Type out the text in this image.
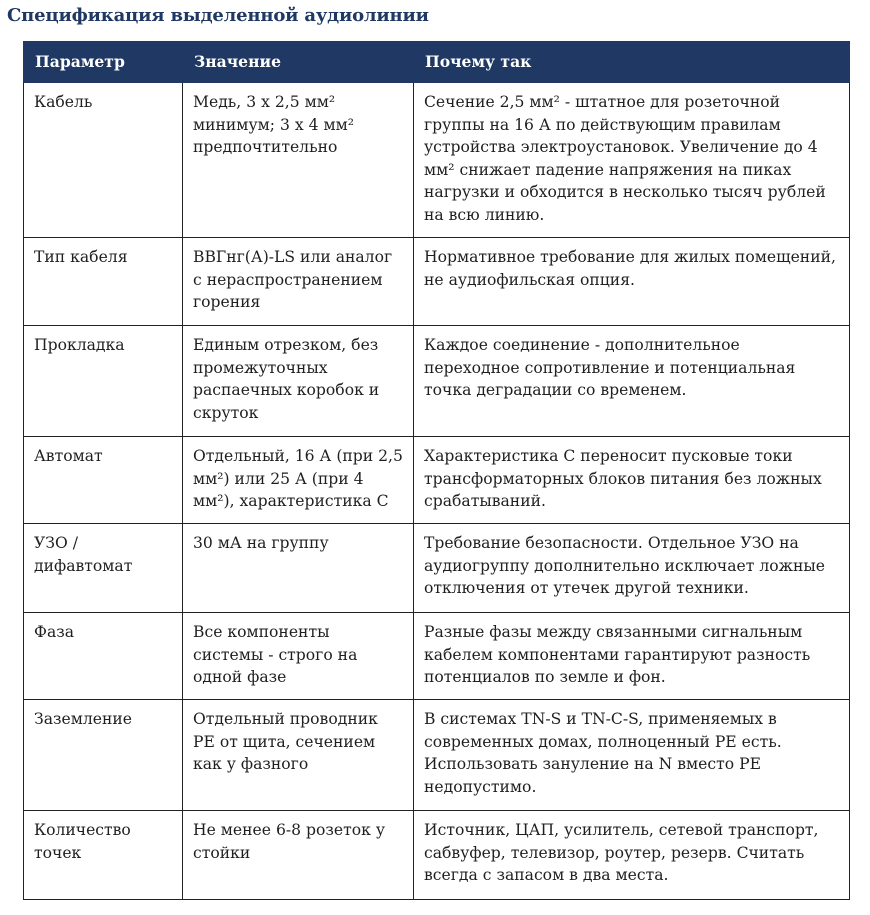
Спецификация выделенной аудиолинии
Параметр	Значение	Почему так
Кабель	Медь, 3 х 2,5 мм² минимум; 3 х 4 мм² предпочтительно	Сечение 2,5 мм² - штатное для розеточной группы на 16 А по действующим правилам устройства электроустановок. Увеличение до 4 мм² снижает падение напряжения на пиках нагрузки и обходится в несколько тысяч рублей на всю линию.
Тип кабеля	ВВГнг(А)-LS или аналог с нераспространением горения	Нормативное требование для жилых помещений, не аудиофильская опция.
Прокладка	Единым отрезком, без промежуточных распаечных коробок и скруток	Каждое соединение - дополнительное переходное сопротивление и потенциальная точка деградации со временем.
Автомат	Отдельный, 16 А (при 2,5 мм²) или 25 А (при 4 мм²), характеристика С	Характеристика С переносит пусковые токи трансформаторных блоков питания без ложных срабатываний.
УЗО / дифавтомат	30 мА на группу	Требование безопасности. Отдельное УЗО на аудиогруппу дополнительно исключает ложные отключения от утечек другой техники.
Фаза	Все компоненты системы - строго на одной фазе	Разные фазы между связанными сигнальным кабелем компонентами гарантируют разность потенциалов по земле и фон.
Заземление	Отдельный проводник РЕ от щита, сечением как у фазного	В системах TN-S и TN-C-S, применяемых в современных домах, полноценный РЕ есть. Использовать зануление на N вместо РЕ недопустимо.
Количество точек	Не менее 6-8 розеток у стойки	Источник, ЦАП, усилитель, сетевой транспорт, сабвуфер, телевизор, роутер, резерв. Считать всегда с запасом в два места.
